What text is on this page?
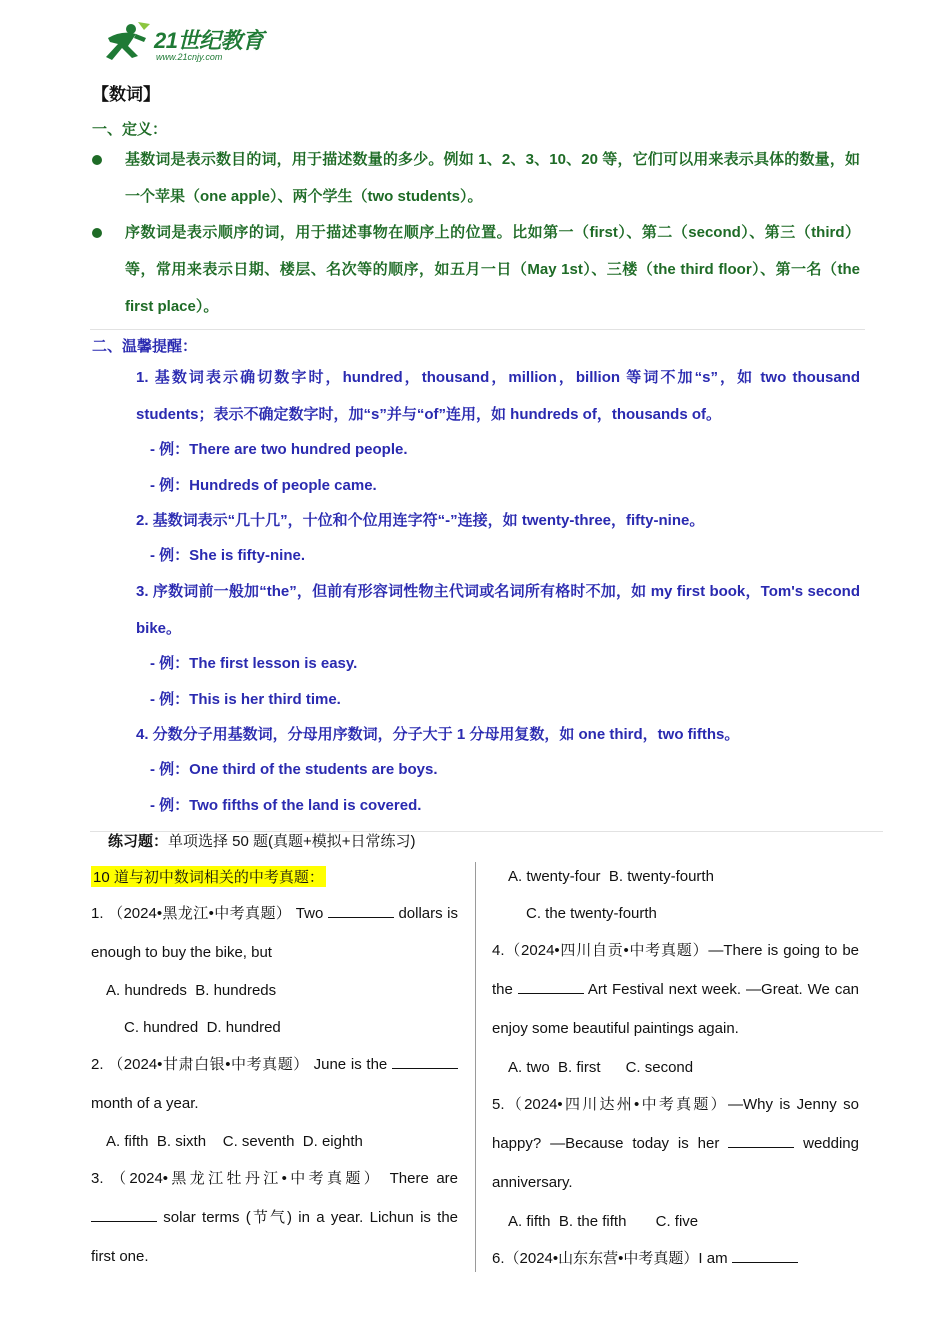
21世纪教育
www.21cnjy.com
【数词】
一、定义：
基数词是表示数目的词，用于描述数量的多少。例如 1、2、3、10、20 等，它们可以用来表示具体的数量，如一个苹果（one apple）、两个学生（two students）。
序数词是表示顺序的词，用于描述事物在顺序上的位置。比如第一（first）、第二（second）、第三（third）等，常用来表示日期、楼层、名次等的顺序，如五月一日（May 1st）、三楼（the third floor）、第一名（the first place）。
二、温馨提醒：
1. 基数词表示确切数字时，hundred，thousand，million，billion 等词不加“s”，如 two thousand students；表示不确定数字时，加“s”并与“of”连用，如 hundreds of，thousands of。
- 例：There are two hundred people.
- 例：Hundreds of people came.
2. 基数词表示“几十几”，十位和个位用连字符“-”连接，如 twenty-three，fifty-nine。
- 例：She is fifty-nine.
3. 序数词前一般加“the”，但前有形容词性物主代词或名词所有格时不加，如 my first book，Tom's second bike。
- 例：The first lesson is easy.
- 例：This is her third time.
4. 分数分子用基数词，分母用序数词，分子大于 1 分母用复数，如 one third，two fifths。
- 例：One third of the students are boys.
- 例：Two fifths of the land is covered.
练习题：单项选择 50 题(真题+模拟+日常练习)
10 道与初中数词相关的中考真题：
1. （2024•黑龙江•中考真题） Two	dollars is enough to buy the bike, but
A. hundreds B. hundreds
C. hundred D. hundred
2. （2024•甘肃白银•中考真题） June is the  month of a year.
A. fifth B. sixth C. seventh D. eighth
3. （2024•黑龙江牡丹江•中考真题） There are  solar terms (节气) in a year. Lichun is the first one.
A. twenty-four B. twenty-fourth
C. the twenty-fourth
4.（2024•四川自贡•中考真题）—There is going to be the	Art Festival next week. —Great. We can enjoy some beautiful paintings again.
A. two B. first C. second
5.（2024•四川达州•中考真题）—Why is Jenny so happy? —Because today is her	wedding anniversary.
A. fifth B. the fifth C. five
6.（2024•山东东营•中考真题）I am
